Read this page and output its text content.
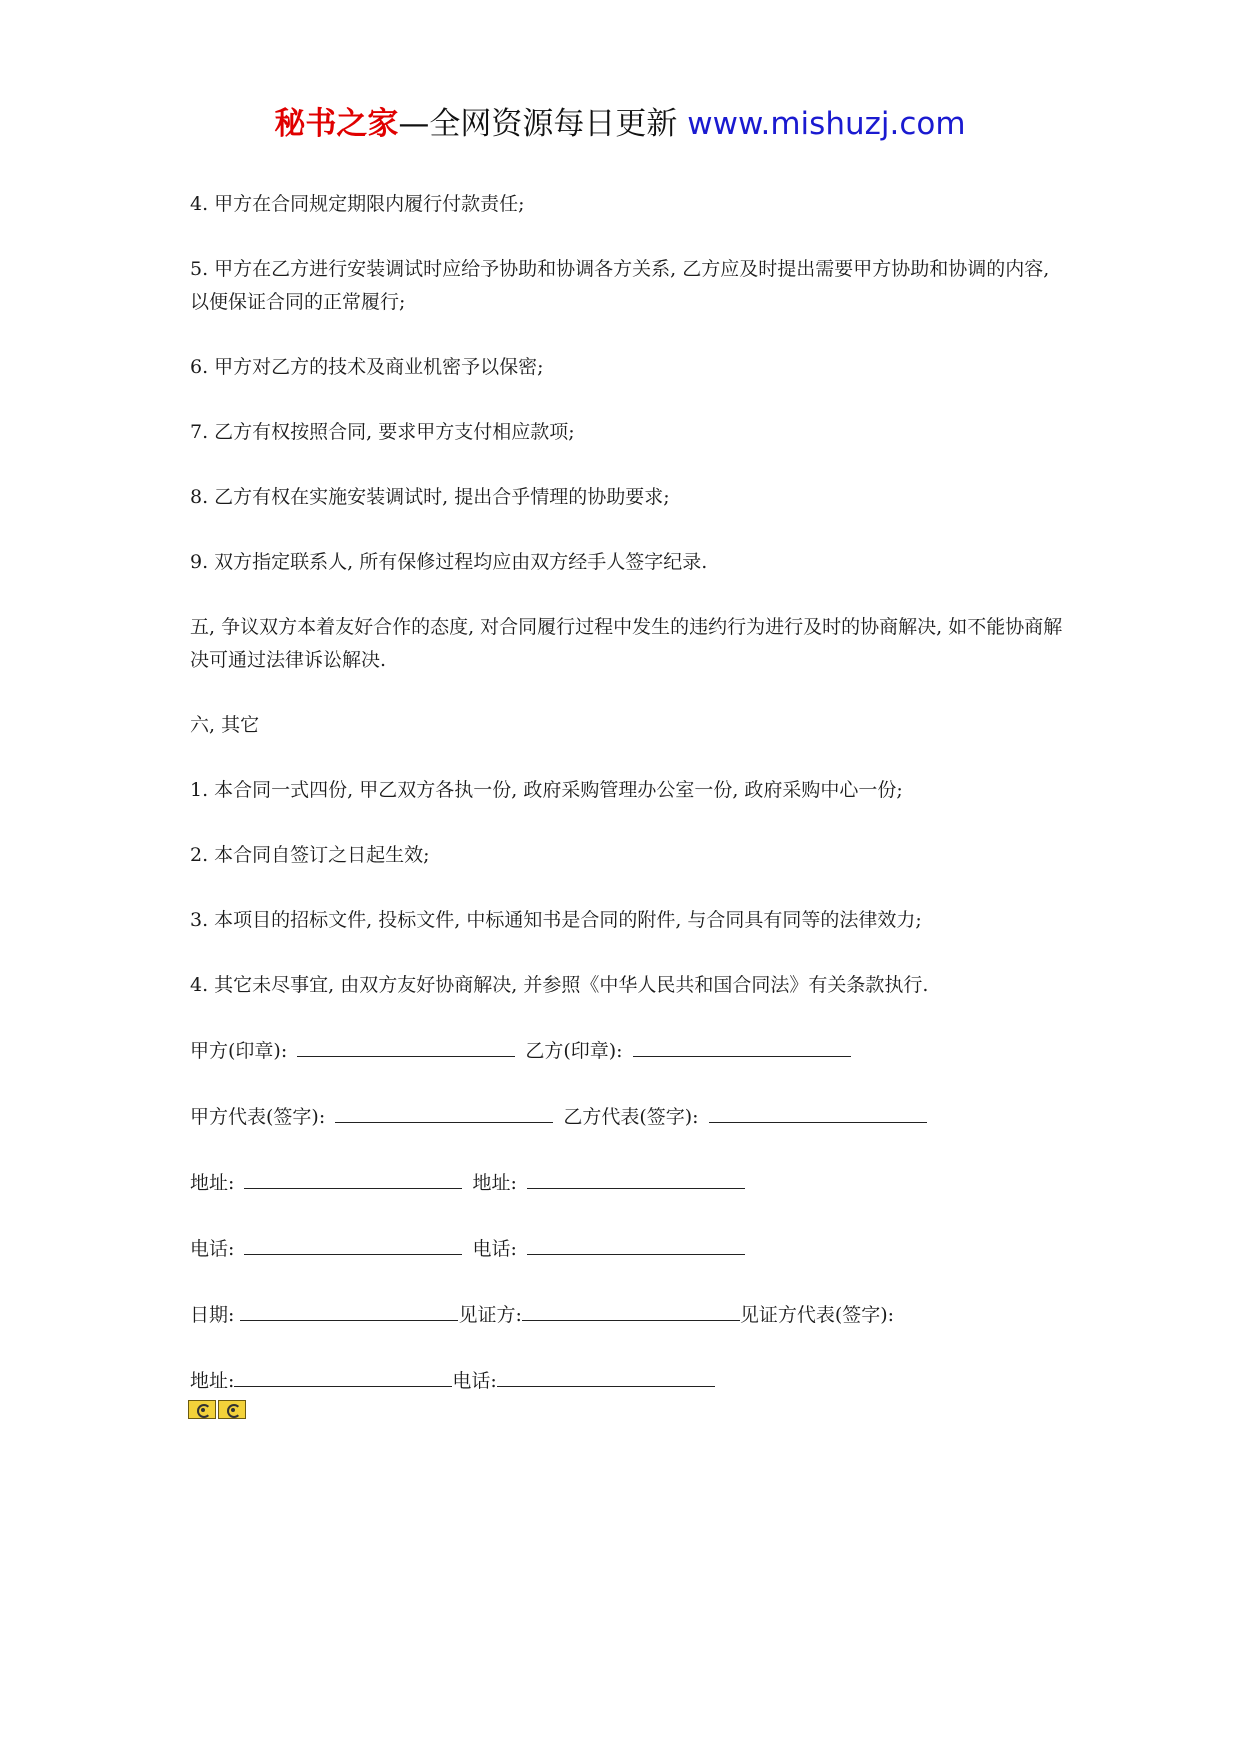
秘书之家—全网资源每日更新 www.mishuzj.com

4. 甲方在合同规定期限内履行付款责任;

5. 甲方在乙方进行安装调试时应给予协助和协调各方关系, 乙方应及时提出需要甲方协助和协调的内容, 以便保证合同的正常履行;

6. 甲方对乙方的技术及商业机密予以保密;

7. 乙方有权按照合同, 要求甲方支付相应款项;

8. 乙方有权在实施安装调试时, 提出合乎情理的协助要求;

9. 双方指定联系人, 所有保修过程均应由双方经手人签字纪录.

五, 争议双方本着友好合作的态度, 对合同履行过程中发生的违约行为进行及时的协商解决, 如不能协商解决可通过法律诉讼解决.

六, 其它

1. 本合同一式四份, 甲乙双方各执一份, 政府采购管理办公室一份, 政府采购中心一份;

2. 本合同自签订之日起生效;

3. 本项目的招标文件, 投标文件, 中标通知书是合同的附件, 与合同具有同等的法律效力;

4. 其它未尽事宜, 由双方友好协商解决, 并参照《中华人民共和国合同法》有关条款执行.

甲方(印章):	乙方(印章):
甲方代表(签字):	乙方代表(签字):
地址:	地址:
电话:	电话:
日期:	见证方:	见证方代表(签字):
地址:	电话:
